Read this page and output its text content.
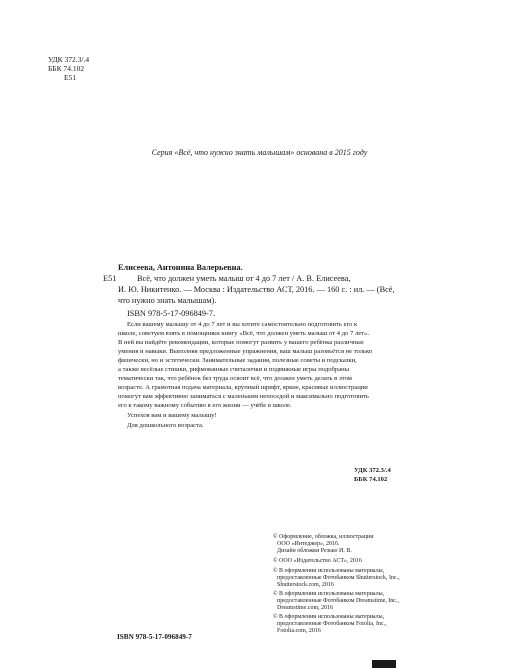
УДК 372.3/.4
ББК 74.102
Е51
Серия «Всё, что нужно знать малышам» основана в 2015 году
Елисеева, Антонина Валерьевна.
Е51 Всё, что должен уметь малыш от 4 до 7 лет / А. В. Елисеева,
И. Ю. Никитенко. — Москва : Издательство АСТ, 2016. — 160 с. : ил. — (Всё,
что нужно знать малышам).
ISBN 978-5-17-096849-7.
Если вашему малышу от 4 до 7 лет и вы хотите самостоятельно подготовить его к
школе, советуем взять в помощники книгу «Всё, что должен уметь малыш от 4 до 7 лет».
В ней вы найдёте рекомендации, которые помогут развить у вашего ребёнка различные
умения и навыки. Выполняя предложенные упражнения, ваш малыш разовьётся не только
физически, но и эстетически. Занимательные задания, полезные советы и подсказки,
а также весёлые стишки, рифмованные считалочки и подвижные игры подобраны
тематически так, что ребёнок без труда освоит всё, что должен уметь делать в этом
возрасте. А грамотная подача материала, крупный шрифт, яркие, красивые иллюстрации
помогут вам эффективно заниматься с маленьким непоседой и максимально подготовить
его к такому важному событию в его жизни — учёбе в школе.
Успехов вам и вашему малышу!
Для дошкольного возраста.
УДК 372.3/.4
ББК 74.102
© Оформление, обложка, иллюстрации
ООО «Интеджер», 2016.
Дизайн обложки Резько И. В.
© ООО «Издательство АСТ», 2016
© В оформлении использованы материалы,
предоставленные Фотобанком Shutterstock, Inc.,
Shutterstock.com, 2016
© В оформлении использованы материалы,
предоставленные Фотобанком Dreamstime, Inc.,
Dreamstime.com, 2016
© В оформлении использованы материалы,
предоставленные Фотобанком Fotolia, Inc.,
Fotolia.com, 2016
ISBN 978-5-17-096849-7
